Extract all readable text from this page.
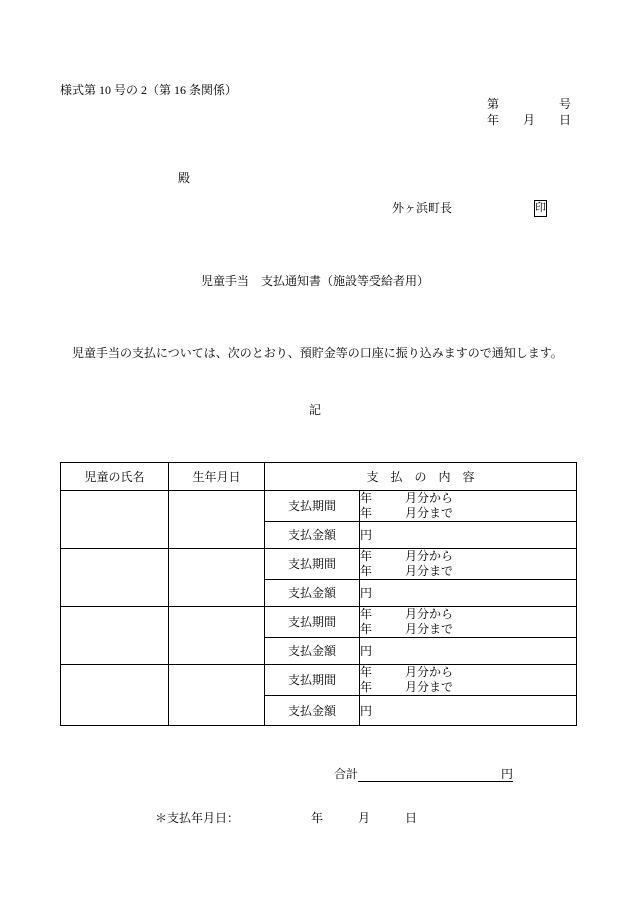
様式第 10 号の 2（第 16 条関係）
第	号
年 月 日
殿
外ヶ浜町長	印
児童手当　支払通知書（施設等受給者用）
児童手当の支払については、次のとおり、預貯金等の口座に振り込みますので通知します。
記
児童の氏名	生年月日	支　払　の　内　容	
		支払期間	年 月分から
年 月分まで

		支払金額	円
		支払期間	年 月分から
年 月分まで

		支払金額	円
		支払期間	年 月分から
年 月分まで

		支払金額	円
		支払期間	年 月分から
年 月分まで

		支払金額	円
合計	円
＊支払年月日：	年	月	日
